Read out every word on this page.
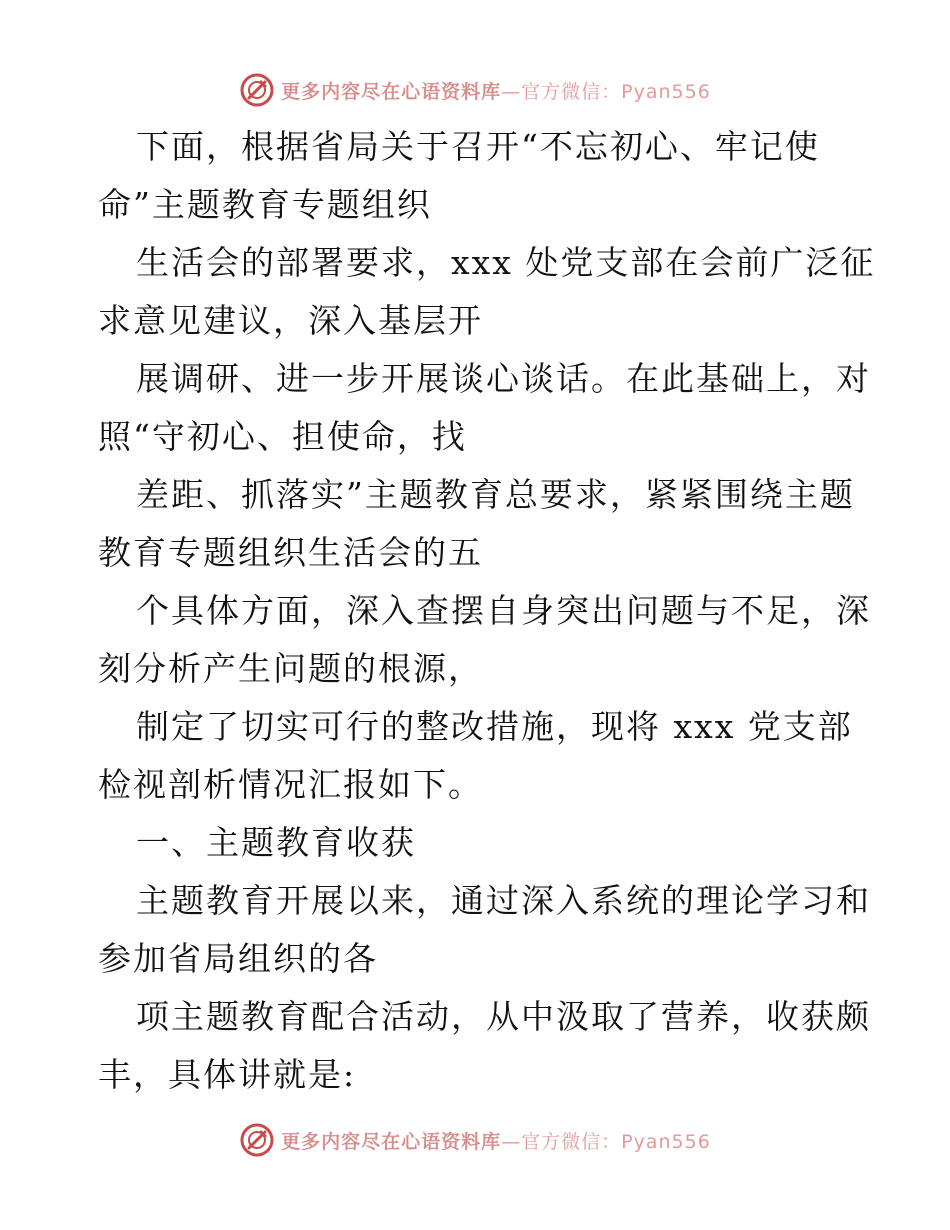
更多内容尽在心语资料库—官方微信：Pyan556

下面，根据省局关于召开“不忘初心、牢记使

命”主题教育专题组织

生活会的部署要求，xxx 处党支部在会前广泛征

求意见建议，深入基层开

展调研、进一步开展谈心谈话。在此基础上，对

照“守初心、担使命，找

差距、抓落实”主题教育总要求，紧紧围绕主题

教育专题组织生活会的五

个具体方面，深入查摆自身突出问题与不足，深

刻分析产生问题的根源，

制定了切实可行的整改措施，现将 xxx 党支部

检视剖析情况汇报如下。

一、主题教育收获

主题教育开展以来，通过深入系统的理论学习和

参加省局组织的各

项主题教育配合活动，从中汲取了营养，收获颇

丰，具体讲就是:

更多内容尽在心语资料库—官方微信：Pyan556
